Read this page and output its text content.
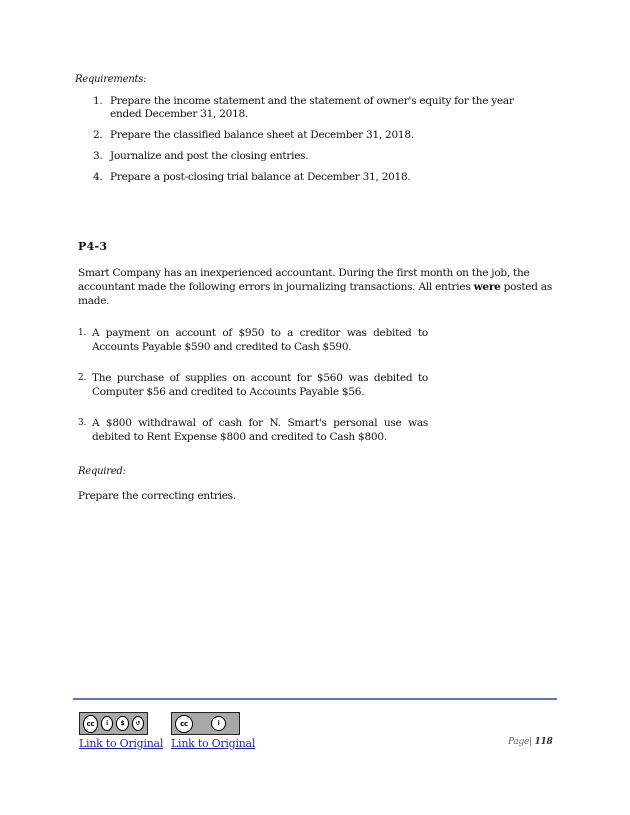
Requirements:
1. Prepare the income statement and the statement of owner's equity for the year ended December 31, 2018.
2. Prepare the classified balance sheet at December 31, 2018.
3. Journalize and post the closing entries.
4. Prepare a post-closing trial balance at December 31, 2018.
P4-3
Smart Company has an inexperienced accountant. During the first month on the job, the accountant made the following errors in journalizing transactions. All entries were posted as made.
1. A payment on account of $950 to a creditor was debited to Accounts Payable $590 and credited to Cash $590.
2. The purchase of supplies on account for $560 was debited to Computer $56 and credited to Accounts Payable $56.
3. A $800 withdrawal of cash for N. Smart's personal use was debited to Rent Expense $800 and credited to Cash $800.
Required:
Prepare the correcting entries.
cc	i	$	↺	cc	i
Link to Original Link to Original	Page| 118
